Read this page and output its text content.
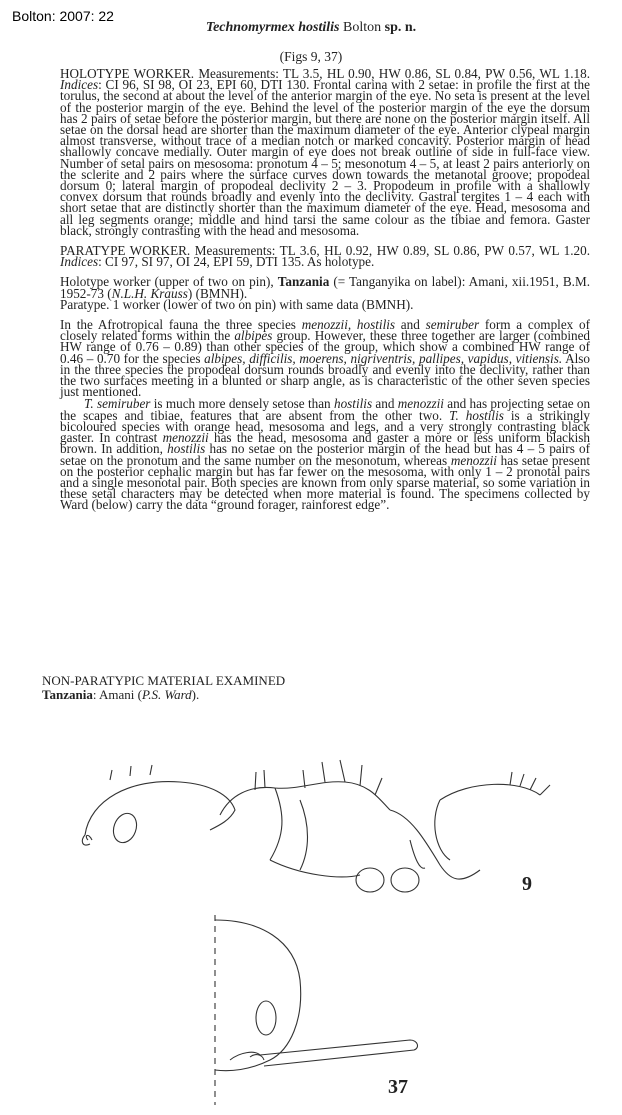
Bolton: 2007: 22
Technomyrmex hostilis Bolton sp. n.
(Figs 9, 37)

HOLOTYPE WORKER. Measurements: TL 3.5, HL 0.90, HW 0.86, SL 0.84, PW 0.56, WL 1.18. Indices: CI 96, SI 98, OI 23, EPI 60, DTI 130. Frontal carina with 2 setae: in profile the first at the torulus, the second at about the level of the anterior margin of the eye. No seta is present at the level of the posterior margin of the eye. Behind the level of the posterior margin of the eye the dorsum has 2 pairs of setae before the posterior margin, but there are none on the posterior margin itself. All setae on the dorsal head are shorter than the maximum diameter of the eye. Anterior clypeal margin almost transverse, without trace of a median notch or marked concavity. Posterior margin of head shallowly concave medially. Outer margin of eye does not break outline of side in full-face view. Number of setal pairs on mesosoma: pronotum 4 – 5; mesonotum 4 – 5, at least 2 pairs anteriorly on the sclerite and 2 pairs where the surface curves down towards the metanotal groove; propodeal dorsum 0; lateral margin of propodeal declivity 2 – 3. Propodeum in profile with a shallowly convex dorsum that rounds broadly and evenly into the declivity. Gastral tergites 1 – 4 each with short setae that are distinctly shorter than the maximum diameter of the eye. Head, mesosoma and all leg segments orange; middle and hind tarsi the same colour as the tibiae and femora. Gaster black, strongly contrasting with the head and mesosoma.

PARATYPE WORKER. Measurements: TL 3.6, HL 0.92, HW 0.89, SL 0.86, PW 0.57, WL 1.20. Indices: CI 97, SI 97, OI 24, EPI 59, DTI 135. As holotype.

Holotype worker (upper of two on pin), Tanzania (= Tanganyika on label): Amani, xii.1951, B.M. 1952-73 (N.L.H. Krauss) (BMNH).
Paratype. 1 worker (lower of two on pin) with same data (BMNH).

In the Afrotropical fauna the three species menozzii, hostilis and semiruber form a complex of closely related forms within the albipes group. However, these three together are larger (combined HW range of 0.76 – 0.89) than other species of the group, which show a combined HW range of 0.46 – 0.70 for the species albipes, difficilis, moerens, nigriventris, pallipes, vapidus, vitiensis. Also in the three species the propodeal dorsum rounds broadly and evenly into the declivity, rather than the two surfaces meeting in a blunted or sharp angle, as is characteristic of the other seven species just mentioned.

T. semiruber is much more densely setose than hostilis and menozzii and has projecting setae on the scapes and tibiae, features that are absent from the other two. T. hostilis is a strikingly bicoloured species with orange head, mesosoma and legs, and a very strongly contrasting black gaster. In contrast menozzii has the head, mesosoma and gaster a more or less uniform blackish brown. In addition, hostilis has no setae on the posterior margin of the head but has 4 – 5 pairs of setae on the pronotum and the same number on the mesonotum, whereas menozzii has setae present on the posterior cephalic margin but has far fewer on the mesosoma, with only 1 – 2 pronotal pairs and a single mesonotal pair. Both species are known from only sparse material, so some variation in these setal characters may be detected when more material is found. The specimens collected by Ward (below) carry the data “ground forager, rainforest edge”.

NON-PARATYPIC MATERIAL EXAMINED
Tanzania: Amani (P.S. Ward).
9
37
